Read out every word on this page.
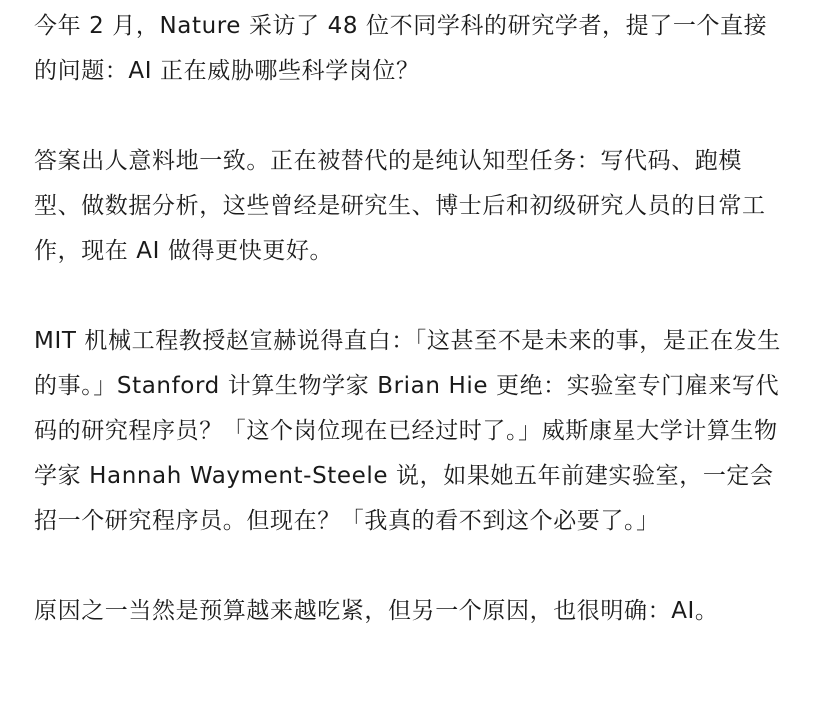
今年 2 月，Nature 采访了 48 位不同学科的研究学者，提了一个直接的问题：AI 正在威胁哪些科学岗位？

答案出人意料地一致。正在被替代的是纯认知型任务：写代码、跑模型、做数据分析，这些曾经是研究生、博士后和初级研究人员的日常工作，现在 AI 做得更快更好。

MIT 机械工程教授赵宣赫说得直白：「这甚至不是未来的事，是正在发生的事。」Stanford 计算生物学家 Brian Hie 更绝：实验室专门雇来写代码的研究程序员？「这个岗位现在已经过时了。」威斯康星大学计算生物学家 Hannah Wayment-Steele 说，如果她五年前建实验室，一定会招一个研究程序员。但现在？「我真的看不到这个必要了。」

原因之一当然是预算越来越吃紧，但另一个原因，也很明确：AI。
